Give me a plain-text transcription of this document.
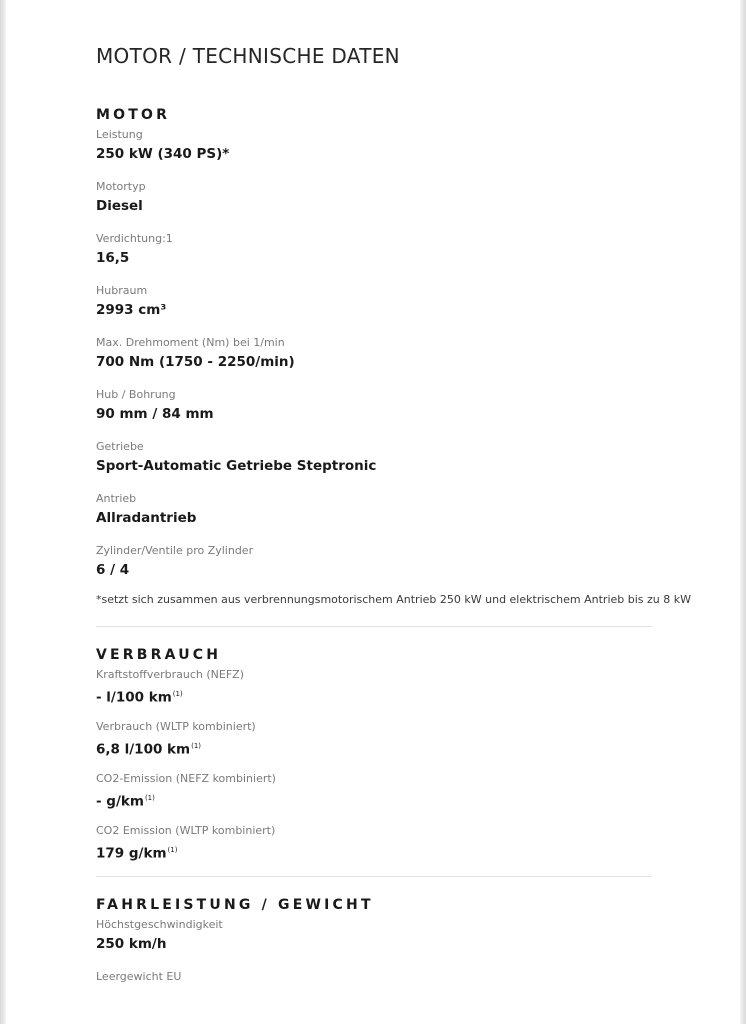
MOTOR / TECHNISCHE DATEN
MOTOR
Leistung
250 kW (340 PS)*
Motortyp
Diesel
Verdichtung:1
16,5
Hubraum
2993 cm³
Max. Drehmoment (Nm) bei 1/min
700 Nm (1750 - 2250/min)
Hub / Bohrung
90 mm / 84 mm
Getriebe
Sport-Automatic Getriebe Steptronic
Antrieb
Allradantrieb
Zylinder/Ventile pro Zylinder
6 / 4
*setzt sich zusammen aus verbrennungsmotorischem Antrieb 250 kW und elektrischem Antrieb bis zu 8 kW
VERBRAUCH
Kraftstoffverbrauch (NEFZ)
- l/100 $km^{(1)}$
Verbrauch (WLTP kombiniert)
6,8 l/100 $km^{(1)}$
CO2-Emission (NEFZ kombiniert)
- $g/km^{(1)}$
CO2 Emission (WLTP kombiniert)
179 $g/km^{(1)}$
FAHRLEISTUNG / GEWICHT
Höchstgeschwindigkeit
250 km/h
Leergewicht EU
